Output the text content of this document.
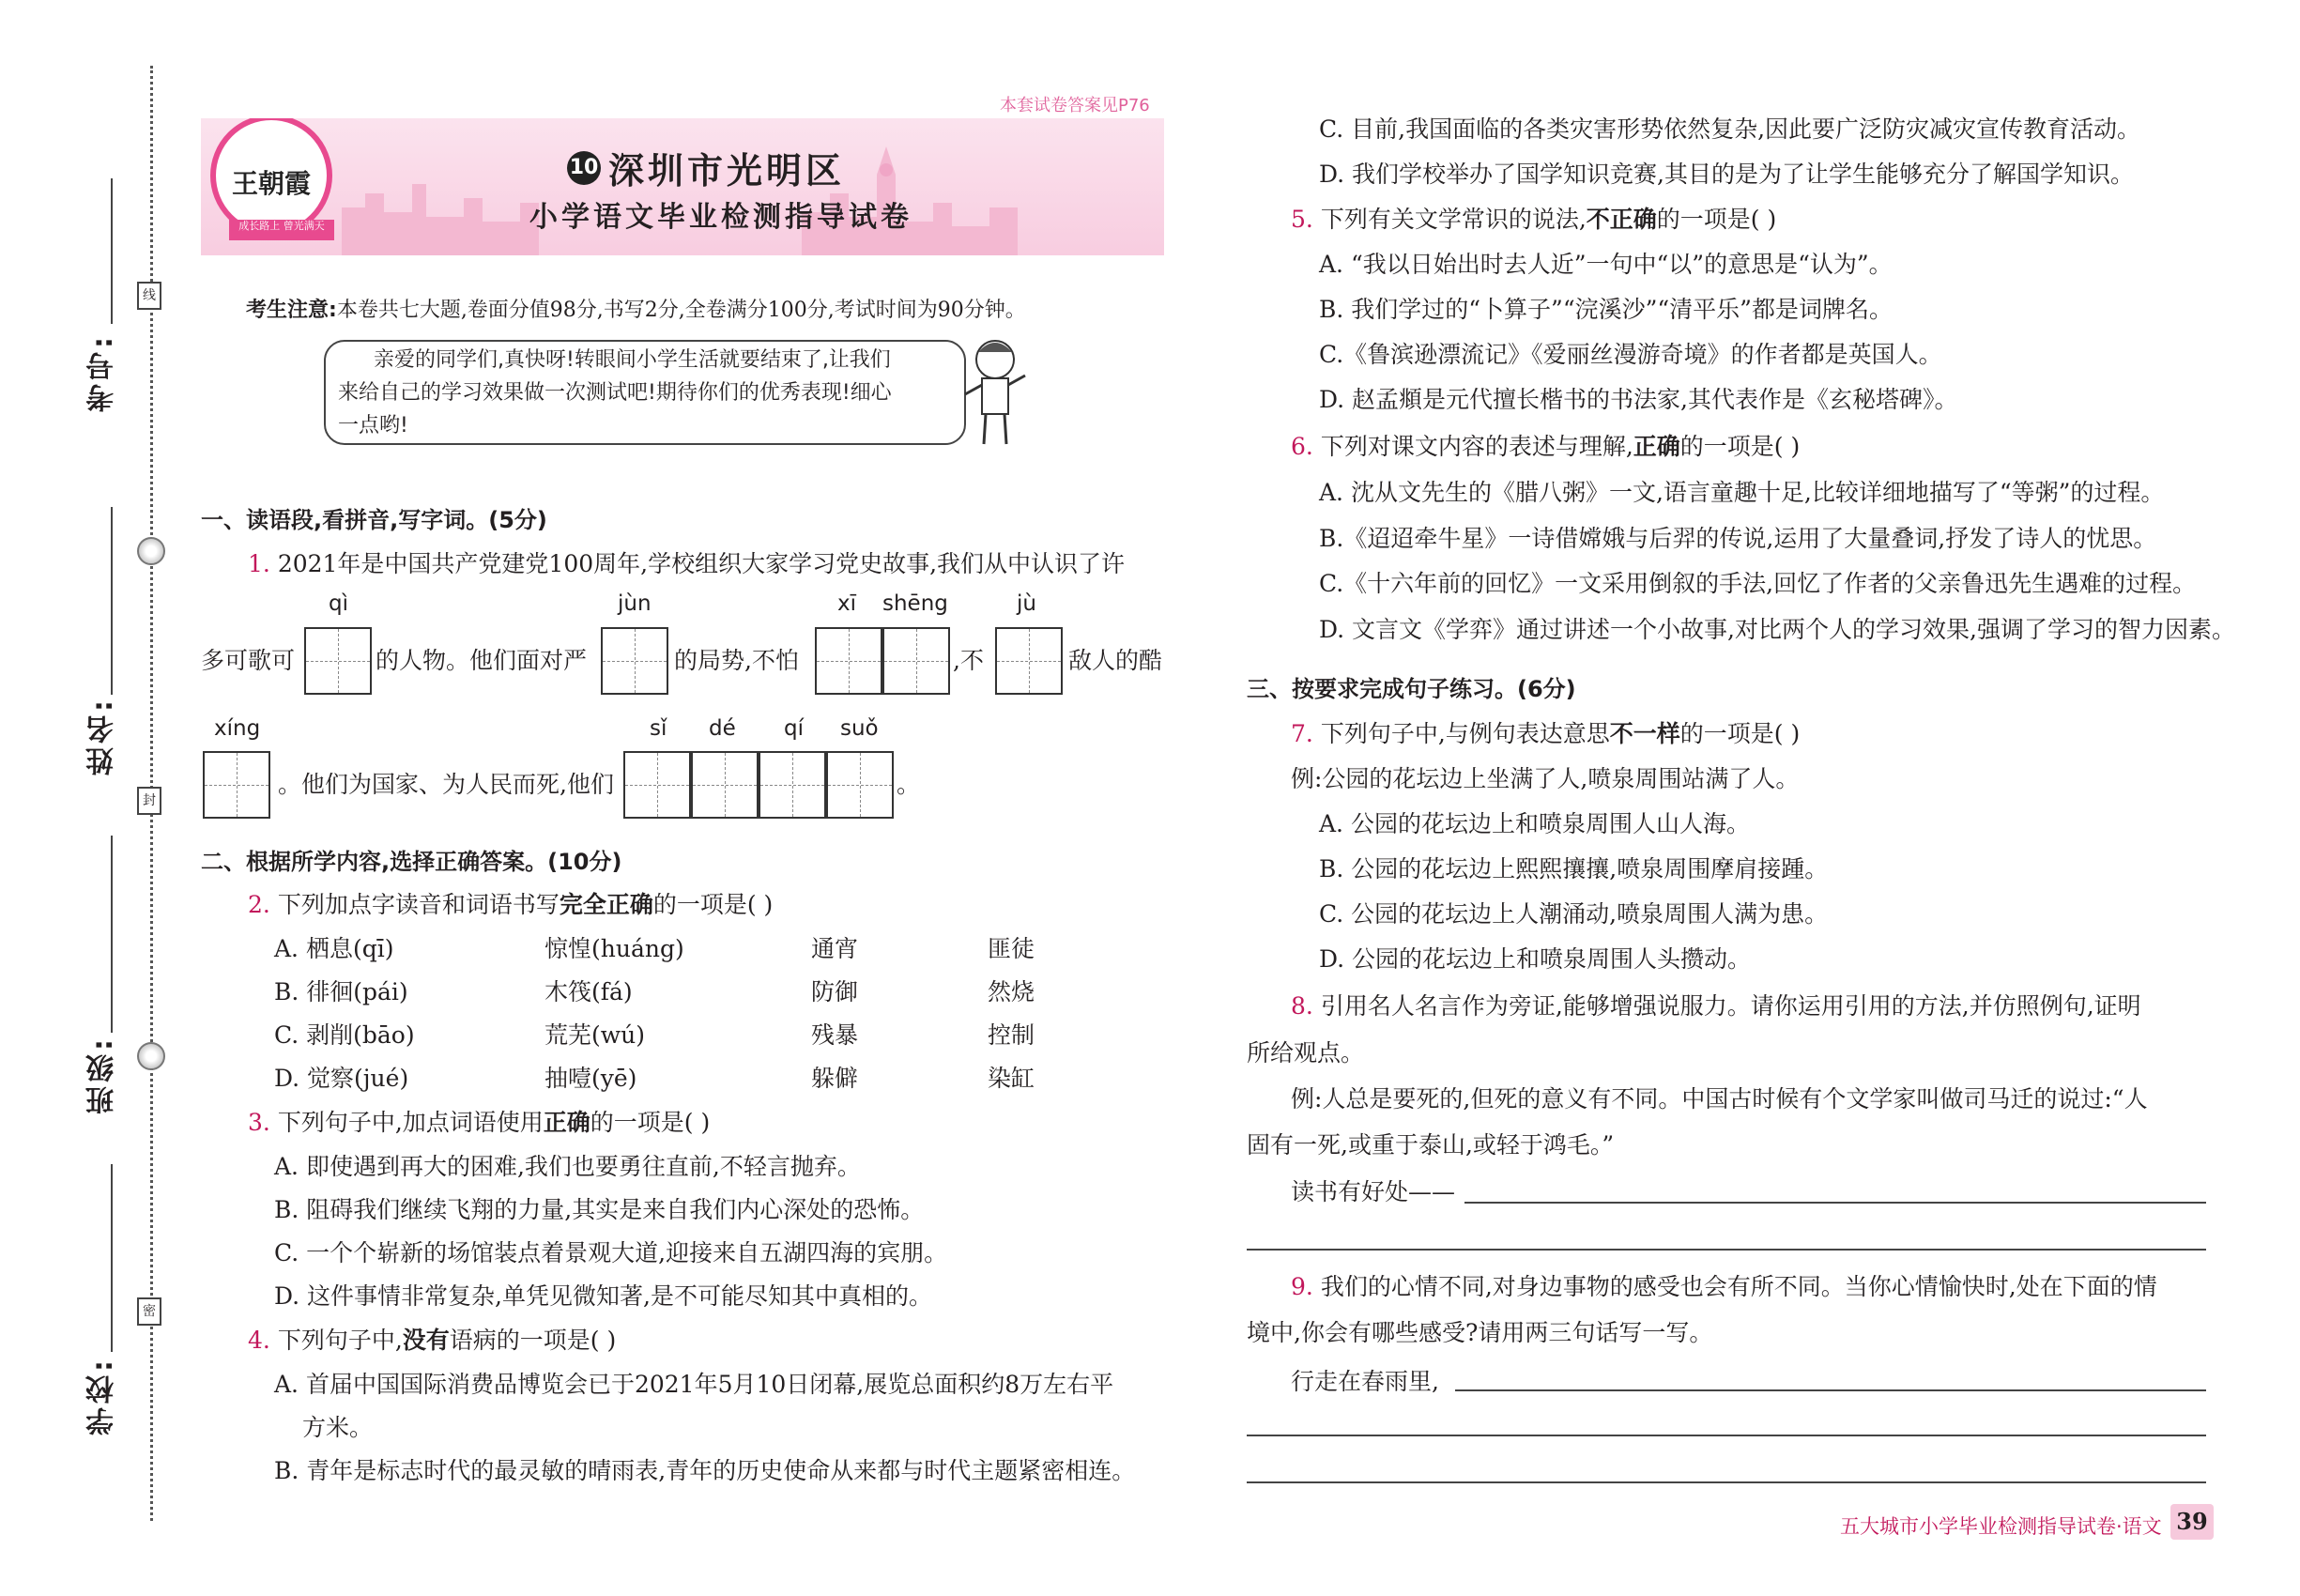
考号:
姓名:
班级:
学校:
线
封
密
本套试卷答案见P76
王朝霞
成长路上 曾光满天
10 深圳市光明区
小学语文毕业检测指导试卷
考生注意:本卷共七大题,卷面分值98分,书写2分,全卷满分100分,考试时间为90分钟。
亲爱的同学们,真快呀!转眼间小学生活就要结束了,让我们
来给自己的学习效果做一次测试吧!期待你们的优秀表现!细心
一点哟!
一、读语段,看拼音,写字词。(5分)
1. 2021年是中国共产党建党100周年,学校组织大家学习党史故事,我们从中认识了许
qì	jùn	xī shēng	jù
多可歌可	的人物。他们面对严	的局势,不怕	,不	敌人的酷
xíng	sǐ dé qí suǒ
。他们为国家、为人民而死,他们	。
二、根据所学内容,选择正确答案。(10分)
2. 下列加点字读音和词语书写完全正确的一项是( )
A. 栖息(qī)	惊惶(huáng)	通宵	匪徒
B. 徘徊(pái)	木筏(fá)	防御	然烧
C. 剥削(bāo)	荒芜(wú)	残暴	控制
D. 觉察(jué)	抽噎(yē)	躲僻	染缸
3. 下列句子中,加点词语使用正确的一项是( )
A. 即使遇到再大的困难,我们也要勇往直前,不轻言抛弃。
B. 阻碍我们继续飞翔的力量,其实是来自我们内心深处的恐怖。
C. 一个个崭新的场馆装点着景观大道,迎接来自五湖四海的宾朋。
D. 这件事情非常复杂,单凭见微知著,是不可能尽知其中真相的。
4. 下列句子中,没有语病的一项是( )
A. 首届中国国际消费品博览会已于2021年5月10日闭幕,展览总面积约8万左右平
方米。
B. 青年是标志时代的最灵敏的晴雨表,青年的历史使命从来都与时代主题紧密相连。
C. 目前,我国面临的各类灾害形势依然复杂,因此要广泛防灾减灾宣传教育活动。
D. 我们学校举办了国学知识竞赛,其目的是为了让学生能够充分了解国学知识。
5. 下列有关文学常识的说法,不正确的一项是( )
A. “我以日始出时去人近”一句中“以”的意思是“认为”。
B. 我们学过的“卜算子”“浣溪沙”“清平乐”都是词牌名。
C.《鲁滨逊漂流记》《爱丽丝漫游奇境》的作者都是英国人。
D. 赵孟頫是元代擅长楷书的书法家,其代表作是《玄秘塔碑》。
6. 下列对课文内容的表述与理解,正确的一项是( )
A. 沈从文先生的《腊八粥》一文,语言童趣十足,比较详细地描写了“等粥”的过程。
B.《迢迢牵牛星》一诗借嫦娥与后羿的传说,运用了大量叠词,抒发了诗人的忧思。
C.《十六年前的回忆》一文采用倒叙的手法,回忆了作者的父亲鲁迅先生遇难的过程。
D. 文言文《学弈》通过讲述一个小故事,对比两个人的学习效果,强调了学习的智力因素。
三、按要求完成句子练习。(6分)
7. 下列句子中,与例句表达意思不一样的一项是( )
例:公园的花坛边上坐满了人,喷泉周围站满了人。
A. 公园的花坛边上和喷泉周围人山人海。
B. 公园的花坛边上熙熙攘攘,喷泉周围摩肩接踵。
C. 公园的花坛边上人潮涌动,喷泉周围人满为患。
D. 公园的花坛边上和喷泉周围人头攒动。
8. 引用名人名言作为旁证,能够增强说服力。请你运用引用的方法,并仿照例句,证明
所给观点。
例:人总是要死的,但死的意义有不同。中国古时候有个文学家叫做司马迁的说过:“人
固有一死,或重于泰山,或轻于鸿毛。”
读书有好处——
9. 我们的心情不同,对身边事物的感受也会有所不同。当你心情愉快时,处在下面的情
境中,你会有哪些感受?请用两三句话写一写。
行走在春雨里,
五大城市小学毕业检测指导试卷·语文 39
